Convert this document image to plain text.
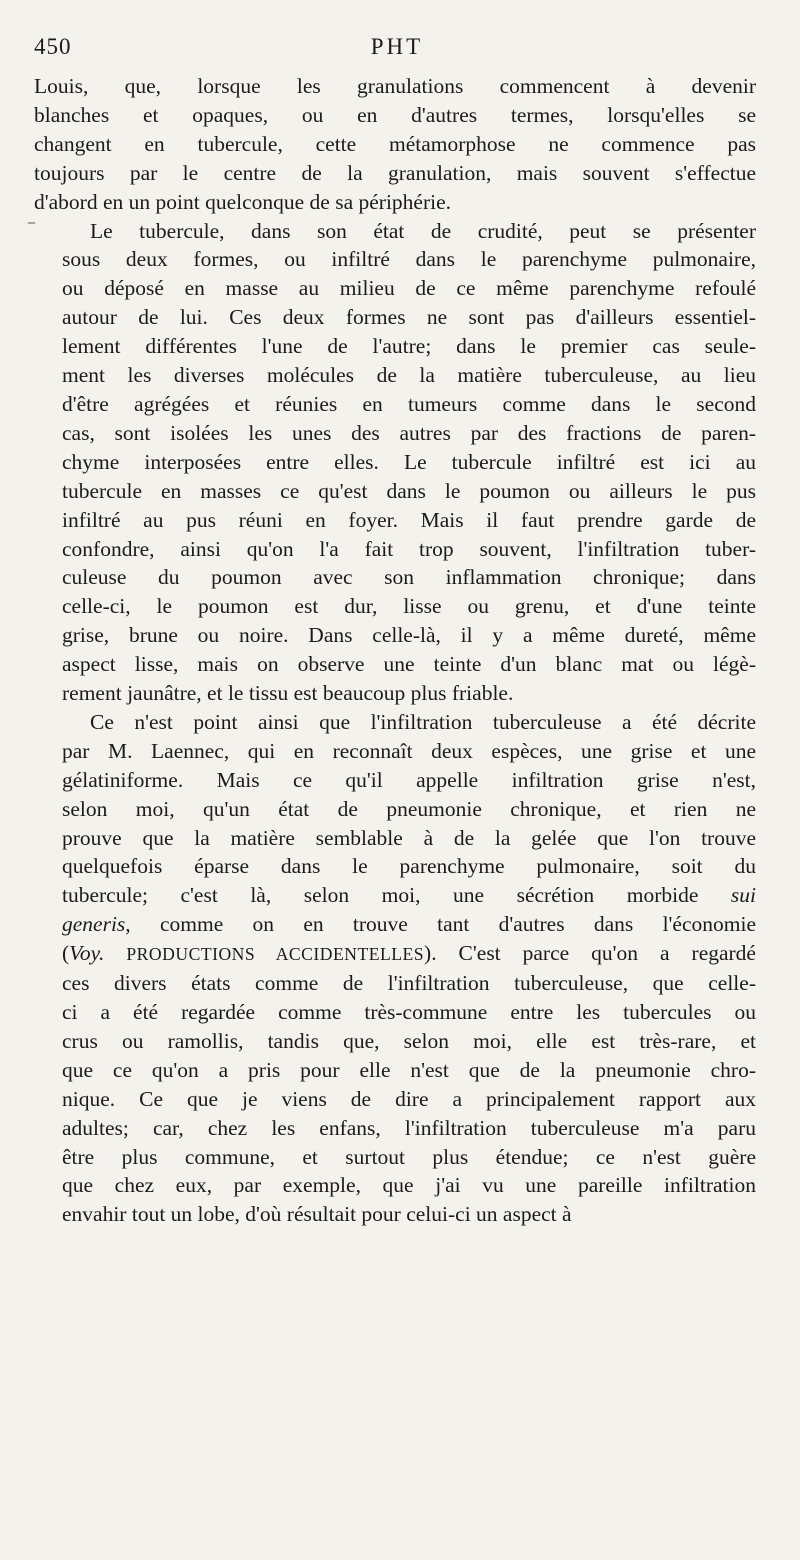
450	PHT

Louis, que, lorsque les granulations commencent à devenir
blanches et opaques, ou en d'autres termes, lorsqu'elles se
changent en tubercule, cette métamorphose ne commence pas
toujours par le centre de la granulation, mais souvent s'effectue
d'abord en un point quelconque de sa périphérie.

Le tubercule, dans son état de crudité, peut se présenter
sous deux formes, ou infiltré dans le parenchyme pulmonaire,
ou déposé en masse au milieu de ce même parenchyme refoulé
autour de lui. Ces deux formes ne sont pas d'ailleurs essentiel-
lement différentes l'une de l'autre; dans le premier cas seule-
ment les diverses molécules de la matière tuberculeuse, au lieu
d'être agrégées et réunies en tumeurs comme dans le second
cas, sont isolées les unes des autres par des fractions de paren-
chyme interposées entre elles. Le tubercule infiltré est ici au
tubercule en masses ce qu'est dans le poumon ou ailleurs le pus
infiltré au pus réuni en foyer. Mais il faut prendre garde de
confondre, ainsi qu'on l'a fait trop souvent, l'infiltration tuber-
culeuse du poumon avec son inflammation chronique; dans
celle-ci, le poumon est dur, lisse ou grenu, et d'une teinte
grise, brune ou noire. Dans celle-là, il y a même dureté, même
aspect lisse, mais on observe une teinte d'un blanc mat ou légè-
rement jaunâtre, et le tissu est beaucoup plus friable.

Ce n'est point ainsi que l'infiltration tuberculeuse a été décrite
par M. Laennec, qui en reconnaît deux espèces, une grise et une
gélatiniforme. Mais ce qu'il appelle infiltration grise n'est,
selon moi, qu'un état de pneumonie chronique, et rien ne
prouve que la matière semblable à de la gelée que l'on trouve
quelquefois éparse dans le parenchyme pulmonaire, soit du
tubercule; c'est là, selon moi, une sécrétion morbide sui
generis, comme on en trouve tant d'autres dans l'économie
(Voy. PRODUCTIONS ACCIDENTELLES). C'est parce qu'on a regardé
ces divers états comme de l'infiltration tuberculeuse, que celle-
ci a été regardée comme très-commune entre les tubercules ou
crus ou ramollis, tandis que, selon moi, elle est très-rare, et
que ce qu'on a pris pour elle n'est que de la pneumonie chro-
nique. Ce que je viens de dire a principalement rapport aux
adultes; car, chez les enfans, l'infiltration tuberculeuse m'a paru
être plus commune, et surtout plus étendue; ce n'est guère
que chez eux, par exemple, que j'ai vu une pareille infiltration
envahir tout un lobe, d'où résultait pour celui-ci un aspect à

_
